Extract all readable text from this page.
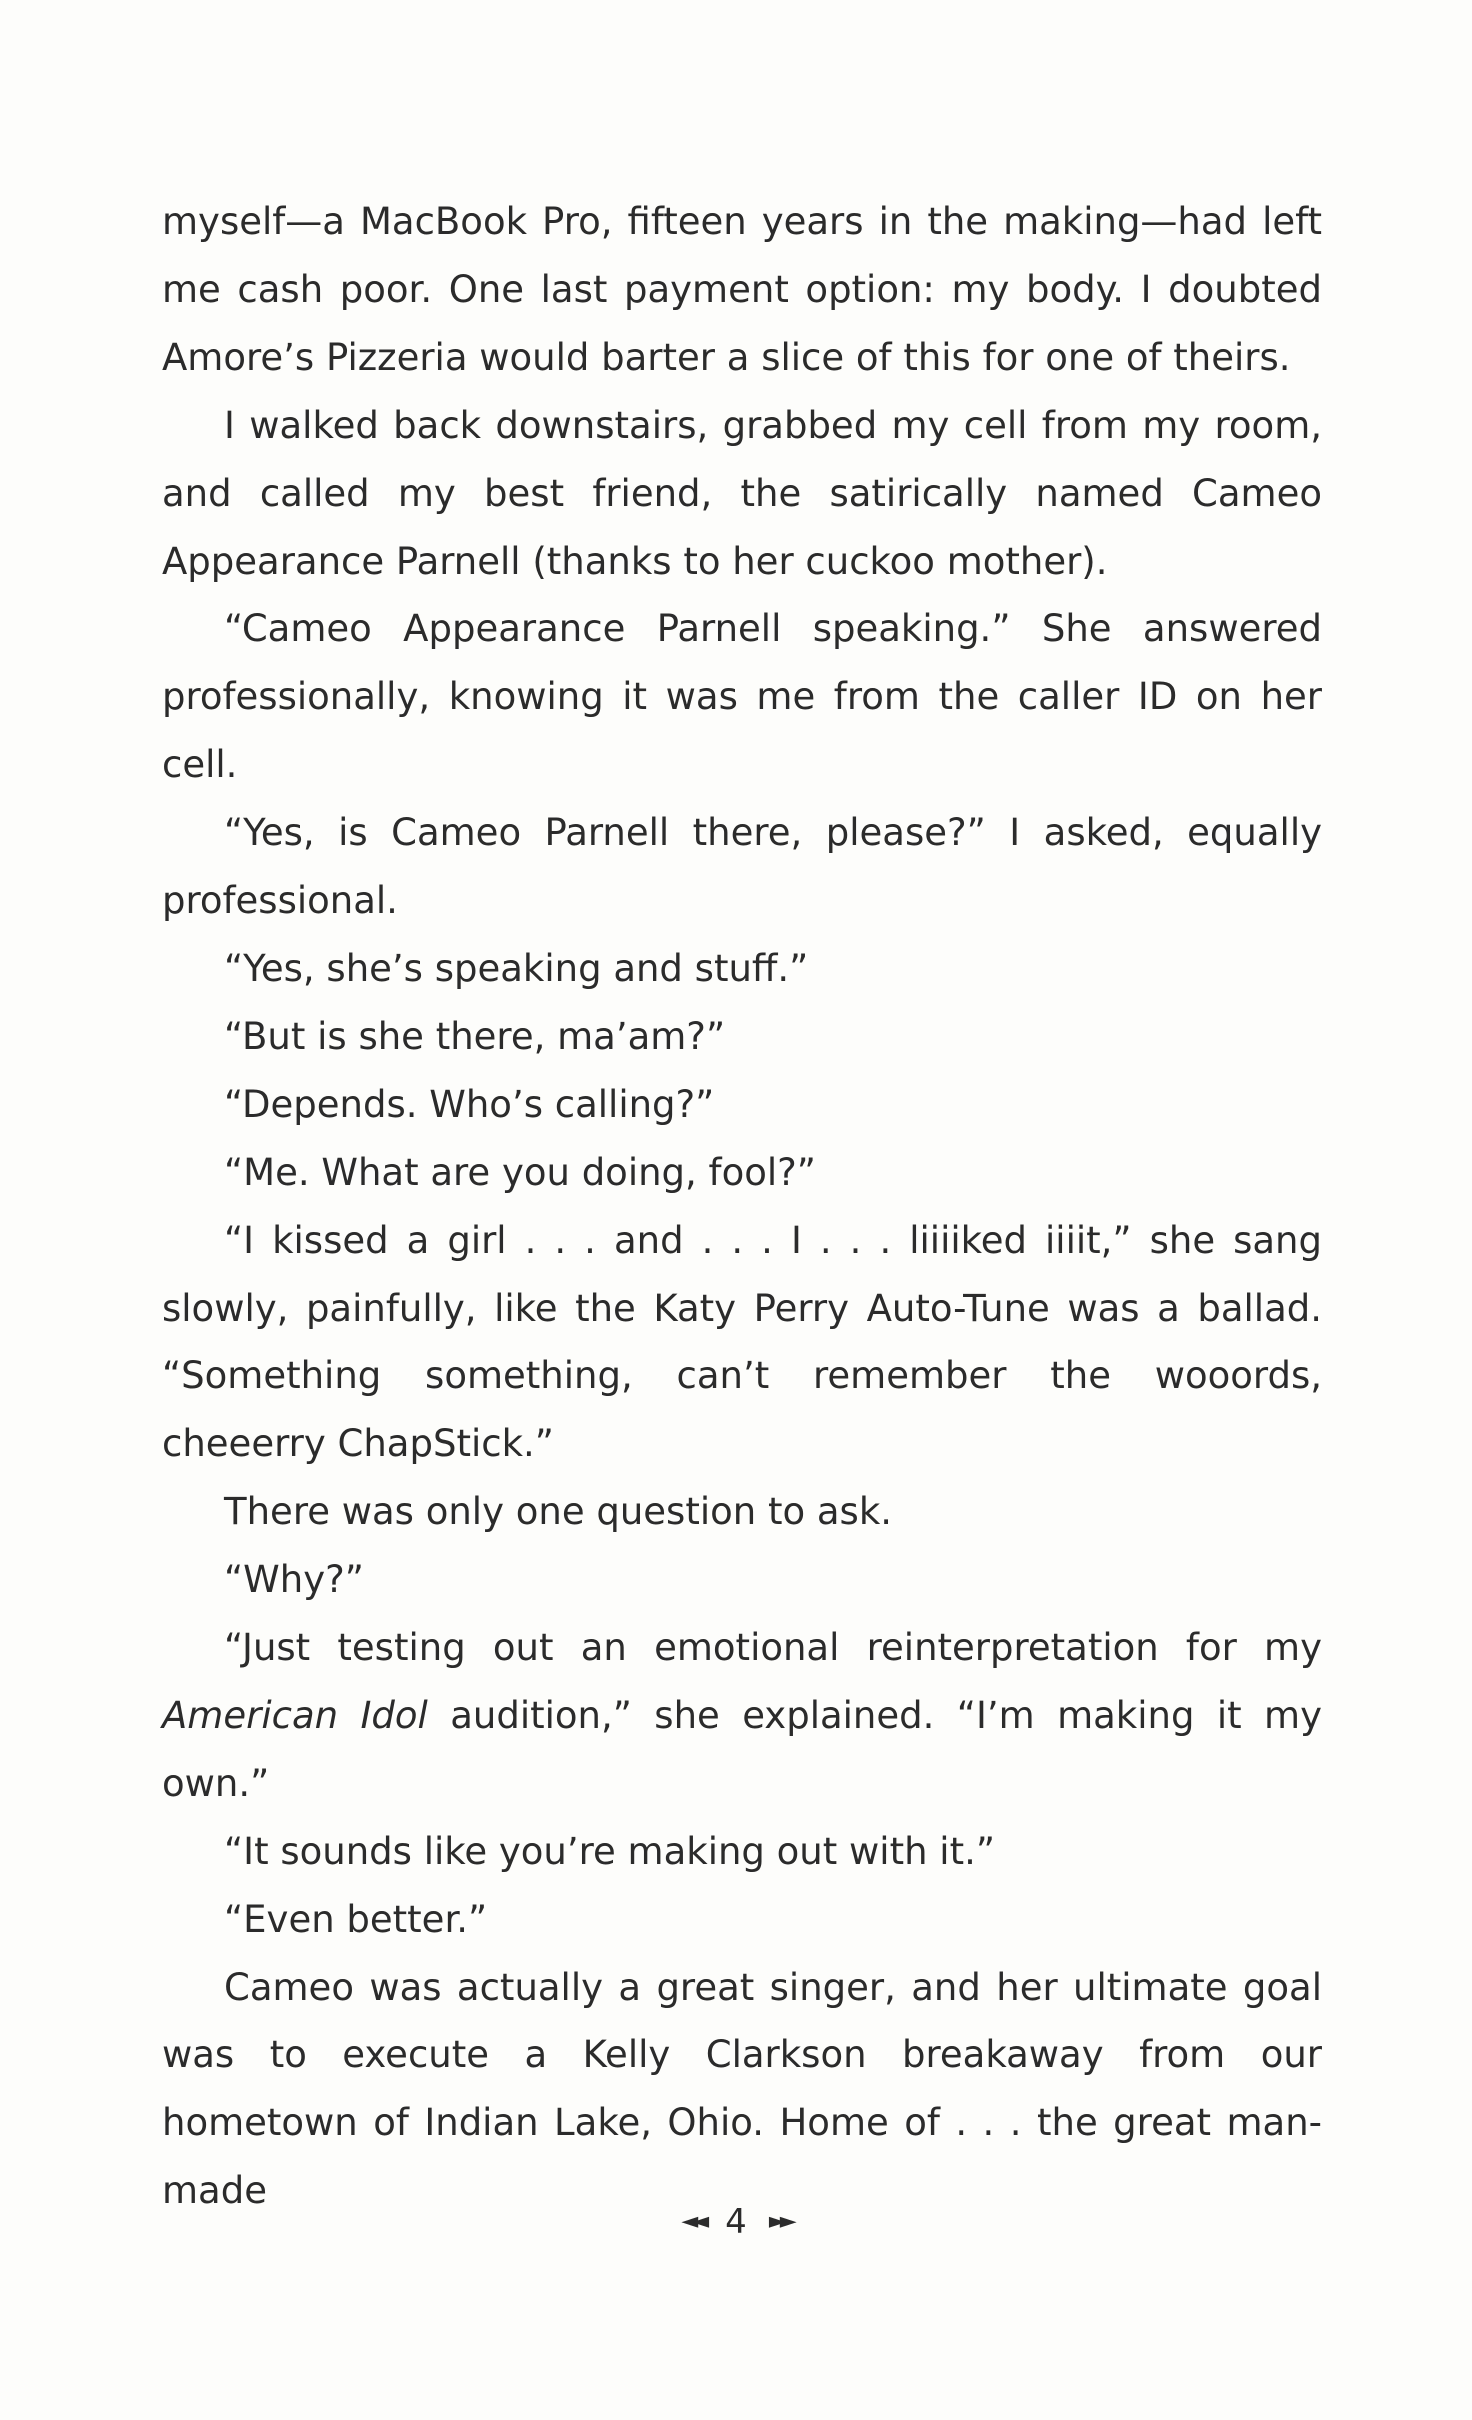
myself—a MacBook Pro, fifteen years in the making—had left me cash poor. One last payment option: my body. I doubted Amore’s Pizzeria would barter a slice of this for one of theirs.

I walked back downstairs, grabbed my cell from my room, and called my best friend, the satirically named Cameo Appearance Parnell (thanks to her cuckoo mother).

“Cameo Appearance Parnell speaking.” She answered professionally, knowing it was me from the caller ID on her cell.

“Yes, is Cameo Parnell there, please?” I asked, equally professional.

“Yes, she’s speaking and stuff.”

“But is she there, ma’am?”

“Depends. Who’s calling?”

“Me. What are you doing, fool?”

“I kissed a girl . . . and . . . I . . . liiiiked iiiit,” she sang slowly, painfully, like the Katy Perry Auto-Tune was a ballad. “Something something, can’t remember the wooords, cheeerry ChapStick.”

There was only one question to ask.

“Why?”

“Just testing out an emotional reinterpretation for my American Idol audition,” she explained. “I’m making it my own.”

“It sounds like you’re making out with it.”

“Even better.”

Cameo was actually a great singer, and her ultimate goal was to execute a Kelly Clarkson breakaway from our hometown of Indian Lake, Ohio. Home of . . . the great man-made

◄◄ 4 ►►
